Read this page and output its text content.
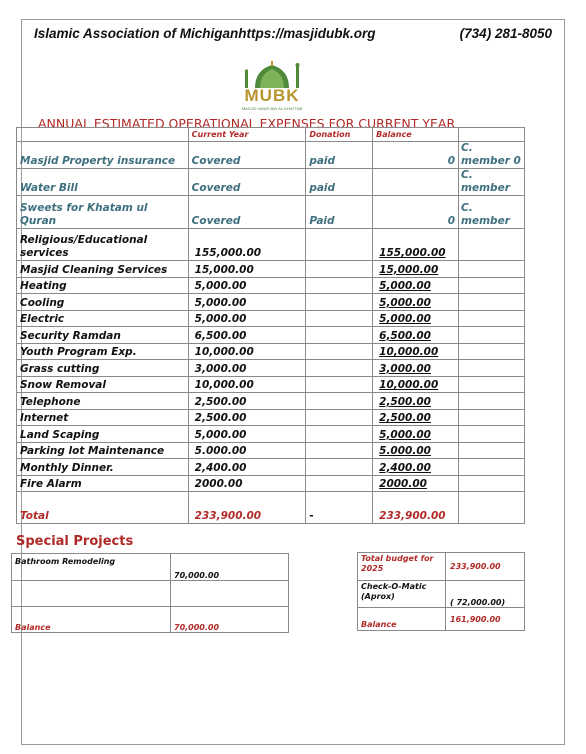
Islamic Association of Michiganhttps://masjidubk.org	(734) 281-8050
MUBK
MASJID UMAR BIN AL-KHATTAB
ANNUAL ESTIMATED OPERATIONAL EXPENSES FOR CURRENT YEAR
	Current Year	Donation	Balance	
Masjid Property insurance	Covered	paid	0	C. member 0
Water Bill	Covered	paid		C. member
Sweets for Khatam ul Quran	Covered	Paid	0	C. member
Religious/Educational services	155,000.00		155,000.00	
Masjid Cleaning Services	15,000.00		15,000.00	
Heating	5,000.00		5,000.00	
Cooling	5,000.00		5,000.00	
Electric	5,000.00		5,000.00	
Security Ramdan	6,500.00		6,500.00	
Youth Program Exp.	10,000.00		10,000.00	
Grass cutting	3,000.00		3,000.00	
Snow Removal	10,000.00		10,000.00	
Telephone	2,500.00		2,500.00	
Internet	2,500.00		2,500.00	
Land Scaping	5,000.00		5,000.00	
Parking lot Maintenance	5.000.00		5.000.00	
Monthly Dinner.	2,400.00		2,400.00	
Fire Alarm	2000.00		2000.00	

Total	233,900.00	-	233,900.00	
Special Projects
Bathroom Remodeling	70,000.00

Balance	70,000.00
Total budget for 2025	233,900.00
Check-O-Matic (Aprox)	( 72,000.00)
Balance	161,900.00
